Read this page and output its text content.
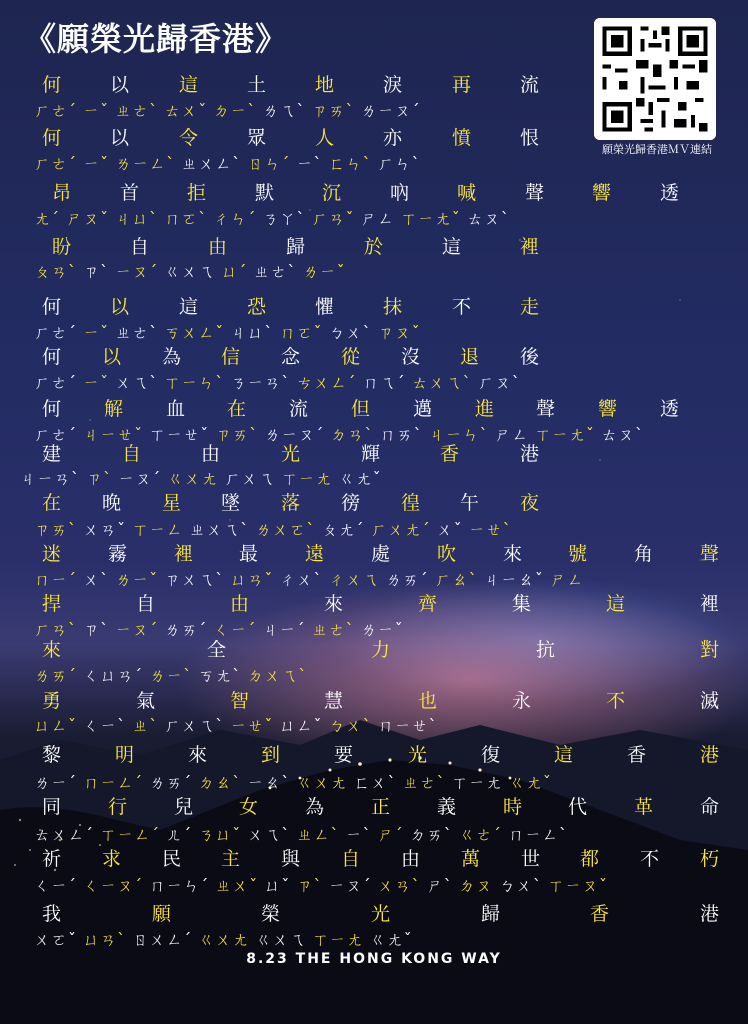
《願榮光歸香港》
願榮光歸香港ＭＶ連結
何	以	這	土	地	淚	再	流
ㄏㄜˊ ㄧˇ ㄓㄜˋ ㄊㄨˇ ㄉㄧˋ ㄌㄟˋ ㄗㄞˋ ㄌㄧㄡˊ
何	以	令	眾	人	亦	憤	恨
ㄏㄜˊ ㄧˇ ㄌㄧㄥˋ ㄓㄨㄥˋ ㄖㄣˊ ㄧˋ ㄈㄣˋ ㄏㄣˋ
昂	首	拒	默	沉	吶	喊	聲	響	透
ㄤˊ ㄕㄡˇ ㄐㄩˋ ㄇㄛˋ ㄔㄣˊ ㄋㄚˋ ㄏㄢˇ ㄕㄥ ㄒㄧㄤˇ ㄊㄡˋ
盼	自	由	歸	於	這	裡
ㄆㄢˋ ㄗˋ ㄧㄡˊ ㄍㄨㄟ ㄩˊ ㄓㄜˋ ㄌㄧˇ
何	以	這	恐	懼	抹	不	走
ㄏㄜˊ ㄧˇ ㄓㄜˋ ㄎㄨㄥˇ ㄐㄩˋ ㄇㄛˇ ㄅㄨˋ ㄗㄡˇ
何 以 為 信 念 從 沒 退 後
ㄏㄜˊ ㄧˇ ㄨㄟˋ ㄒㄧㄣˋ ㄋㄧㄢˋ ㄘㄨㄥˊ ㄇㄟˊ ㄊㄨㄟˋ ㄏㄡˋ
何 解 血 在 流 但 邁 進 聲 響 透
ㄏㄜˊ ㄐㄧㄝˇ ㄒㄧㄝˇ ㄗㄞˋ ㄌㄧㄡˊ ㄉㄢˋ ㄇㄞˋ ㄐㄧㄣˋ ㄕㄥ ㄒㄧㄤˇ ㄊㄡˋ
建	自	由	光	輝	香	港
ㄐㄧㄢˋ ㄗˋ ㄧㄡˊ ㄍㄨㄤ ㄏㄨㄟ ㄒㄧㄤ ㄍㄤˇ
在 晚 星 墜 落 徬 徨 午 夜
ㄗㄞˋ ㄨㄢˇ ㄒㄧㄥ ㄓㄨㄟˋ ㄌㄨㄛˋ ㄆㄤˊ ㄏㄨㄤˊ ㄨˇ ㄧㄝˋ
迷 霧 裡 最 遠 處 吹 來 號 角 聲
ㄇㄧˊ ㄨˋ ㄌㄧˇ ㄗㄨㄟˋ ㄩㄢˇ ㄔㄨˋ ㄔㄨㄟ ㄌㄞˊ ㄏㄠˋ ㄐㄧㄠˇ ㄕㄥ
捍	自	由	來	齊	集	這	裡
ㄏㄢˋ ㄗˋ ㄧㄡˊ ㄌㄞˊ ㄑㄧˊ ㄐㄧˊ ㄓㄜˋ ㄌㄧˇ
來	全	力	抗	對
ㄌㄞˊ ㄑㄩㄢˊ ㄌㄧˋ ㄎㄤˋ ㄉㄨㄟˋ
勇	氣	智	慧	也	永	不	滅
ㄩㄥˇ ㄑㄧˋ ㄓˋ ㄏㄨㄟˋ ㄧㄝˇ ㄩㄥˇ ㄅㄨˋ ㄇㄧㄝˋ
黎	明	來	到	要	光	復	這	香	港
ㄌㄧˊ ㄇㄧㄥˊ ㄌㄞˊ ㄉㄠˋ ㄧㄠˋ ㄍㄨㄤ ㄈㄨˋ ㄓㄜˋ ㄒㄧㄤ ㄍㄤˇ
同 行 兒 女 為 正 義 時 代 革 命
ㄊㄨㄥˊ ㄒㄧㄥˊ ㄦˊ ㄋㄩˇ ㄨㄟˋ ㄓㄥˋ ㄧˋ ㄕˊ ㄉㄞˋ ㄍㄜˊ ㄇㄧㄥˋ
祈 求 民 主 與 自 由 萬 世 都 不 朽
ㄑㄧˊ ㄑㄧㄡˊ ㄇㄧㄣˊ ㄓㄨˇ ㄩˇ ㄗˋ ㄧㄡˊ ㄨㄢˋ ㄕˋ ㄉㄡ ㄅㄨˋ ㄒㄧㄡˇ
我	願	榮	光	歸	香	港
ㄨㄛˇ ㄩㄢˋ ㄖㄨㄥˊ ㄍㄨㄤ ㄍㄨㄟ ㄒㄧㄤ ㄍㄤˇ
8.23 THE HONG KONG WAY
